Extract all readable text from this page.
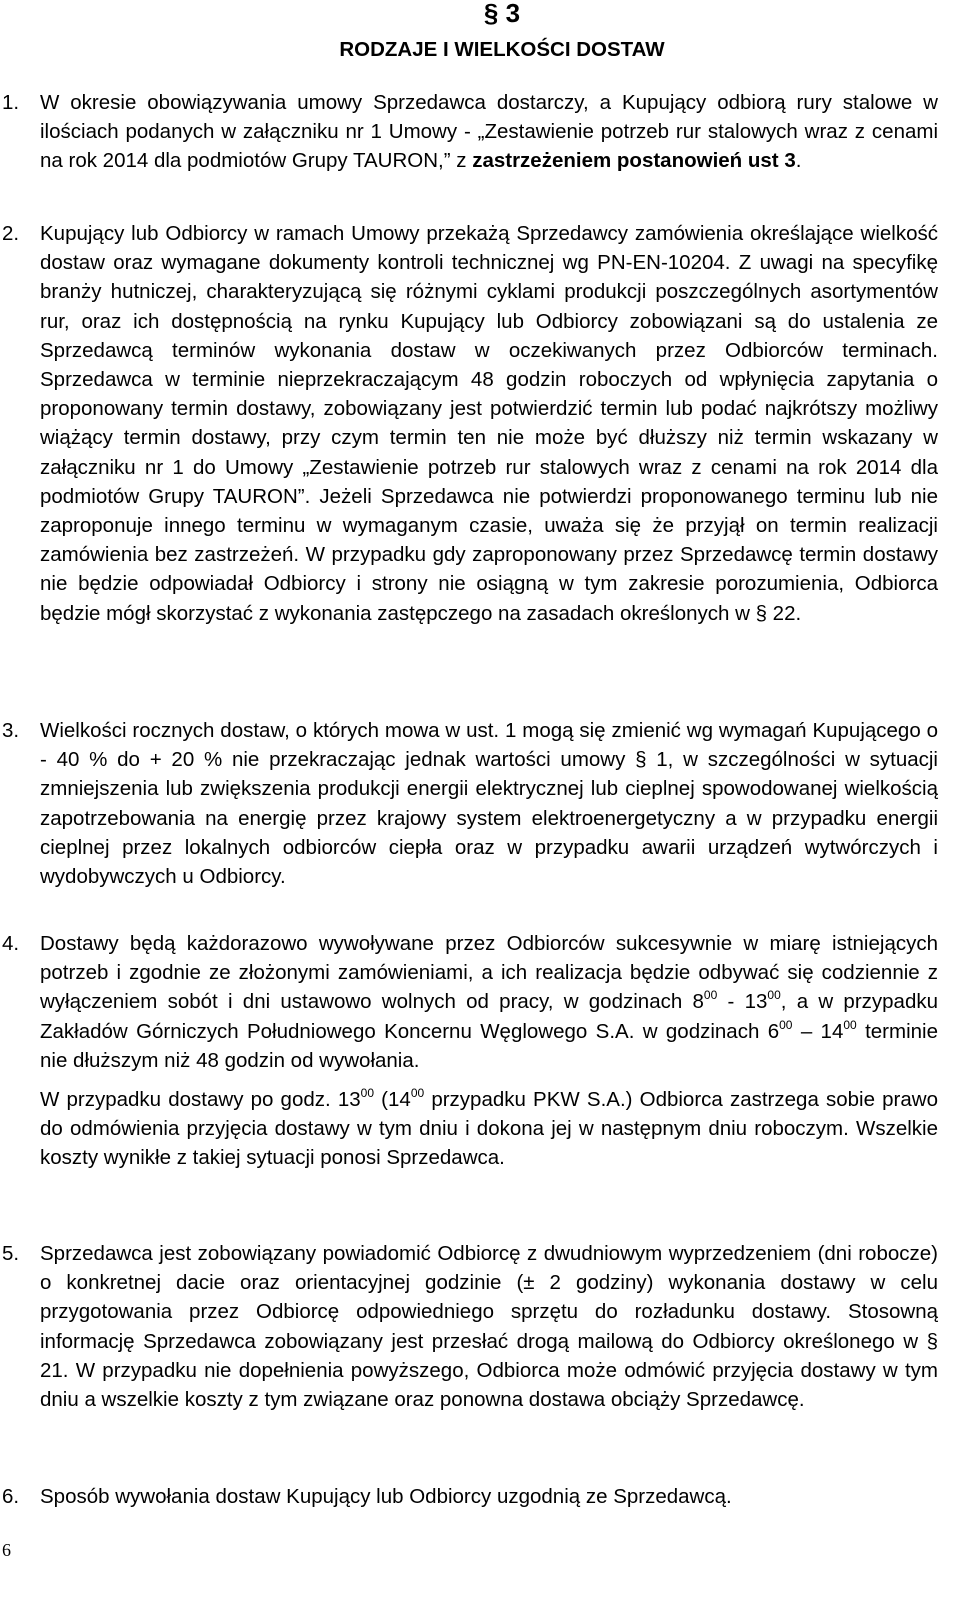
§ 3
RODZAJE I WIELKOŚCI DOSTAW
1. W okresie obowiązywania umowy Sprzedawca dostarczy, a Kupujący odbiorą rury stalowe w ilościach podanych w załączniku nr 1 Umowy - „Zestawienie potrzeb rur stalowych wraz z cenami na rok 2014 dla podmiotów Grupy TAURON,” z zastrzeżeniem postanowień ust 3.
2. Kupujący lub Odbiorcy w ramach Umowy przekażą Sprzedawcy zamówienia określające wielkość dostaw oraz wymagane dokumenty kontroli technicznej wg PN-EN-10204. Z uwagi na specyfikę branży hutniczej, charakteryzującą się różnymi cyklami produkcji poszczególnych asortymentów rur, oraz ich dostępnością na rynku Kupujący lub Odbiorcy zobowiązani są do ustalenia ze Sprzedawcą terminów wykonania dostaw w oczekiwanych przez Odbiorców terminach. Sprzedawca w terminie nieprzekraczającym 48 godzin roboczych od wpłynięcia zapytania o proponowany termin dostawy, zobowiązany jest potwierdzić termin lub podać najkrótszy możliwy wiążący termin dostawy, przy czym termin ten nie może być dłuższy niż termin wskazany w załączniku nr 1 do Umowy „Zestawienie potrzeb rur stalowych wraz z cenami na rok 2014 dla podmiotów Grupy TAURON”. Jeżeli Sprzedawca nie potwierdzi proponowanego terminu lub nie zaproponuje innego terminu w wymaganym czasie, uważa się że przyjął on termin realizacji zamówienia bez zastrzeżeń. W przypadku gdy zaproponowany przez Sprzedawcę termin dostawy nie będzie odpowiadał Odbiorcy i strony nie osiągną w tym zakresie porozumienia, Odbiorca będzie mógł skorzystać z wykonania zastępczego na zasadach określonych w § 22.
3. Wielkości rocznych dostaw, o których mowa w ust. 1 mogą się zmienić wg wymagań Kupującego o - 40 % do + 20 % nie przekraczając jednak wartości umowy § 1, w szczególności w sytuacji zmniejszenia lub zwiększenia produkcji energii elektrycznej lub cieplnej spowodowanej wielkością zapotrzebowania na energię przez krajowy system elektroenergetyczny a w przypadku energii cieplnej przez lokalnych odbiorców ciepła oraz w przypadku awarii urządzeń wytwórczych i wydobywczych u Odbiorcy.
4. Dostawy będą każdorazowo wywoływane przez Odbiorców sukcesywnie w miarę istniejących potrzeb i zgodnie ze złożonymi zamówieniami, a ich realizacja będzie odbywać się codziennie z wyłączeniem sobót i dni ustawowo wolnych od pracy, w godzinach $8^{00} - 13^{00}$, a w przypadku Zakładów Górniczych Południowego Koncernu Węglowego S.A. w godzinach $6^{00} - 14^{00}$ terminie nie dłuższym niż 48 godzin od wywołania.
W przypadku dostawy po godz. $13^{00}$ ($14^{00}$ przypadku PKW S.A.) Odbiorca zastrzega sobie prawo do odmówienia przyjęcia dostawy w tym dniu i dokona jej w następnym dniu roboczym. Wszelkie koszty wynikłe z takiej sytuacji ponosi Sprzedawca.
5. Sprzedawca jest zobowiązany powiadomić Odbiorcę z dwudniowym wyprzedzeniem (dni robocze) o konkretnej dacie oraz orientacyjnej godzinie (± 2 godziny) wykonania dostawy w celu przygotowania przez Odbiorcę odpowiedniego sprzętu do rozładunku dostawy. Stosowną informację Sprzedawca zobowiązany jest przesłać drogą mailową do Odbiorcy określonego w § 21. W przypadku nie dopełnienia powyższego, Odbiorca może odmówić przyjęcia dostawy w tym dniu a wszelkie koszty z tym związane oraz ponowna dostawa obciąży Sprzedawcę.
6. Sposób wywołania dostaw Kupujący lub Odbiorcy uzgodnią ze Sprzedawcą.
6
